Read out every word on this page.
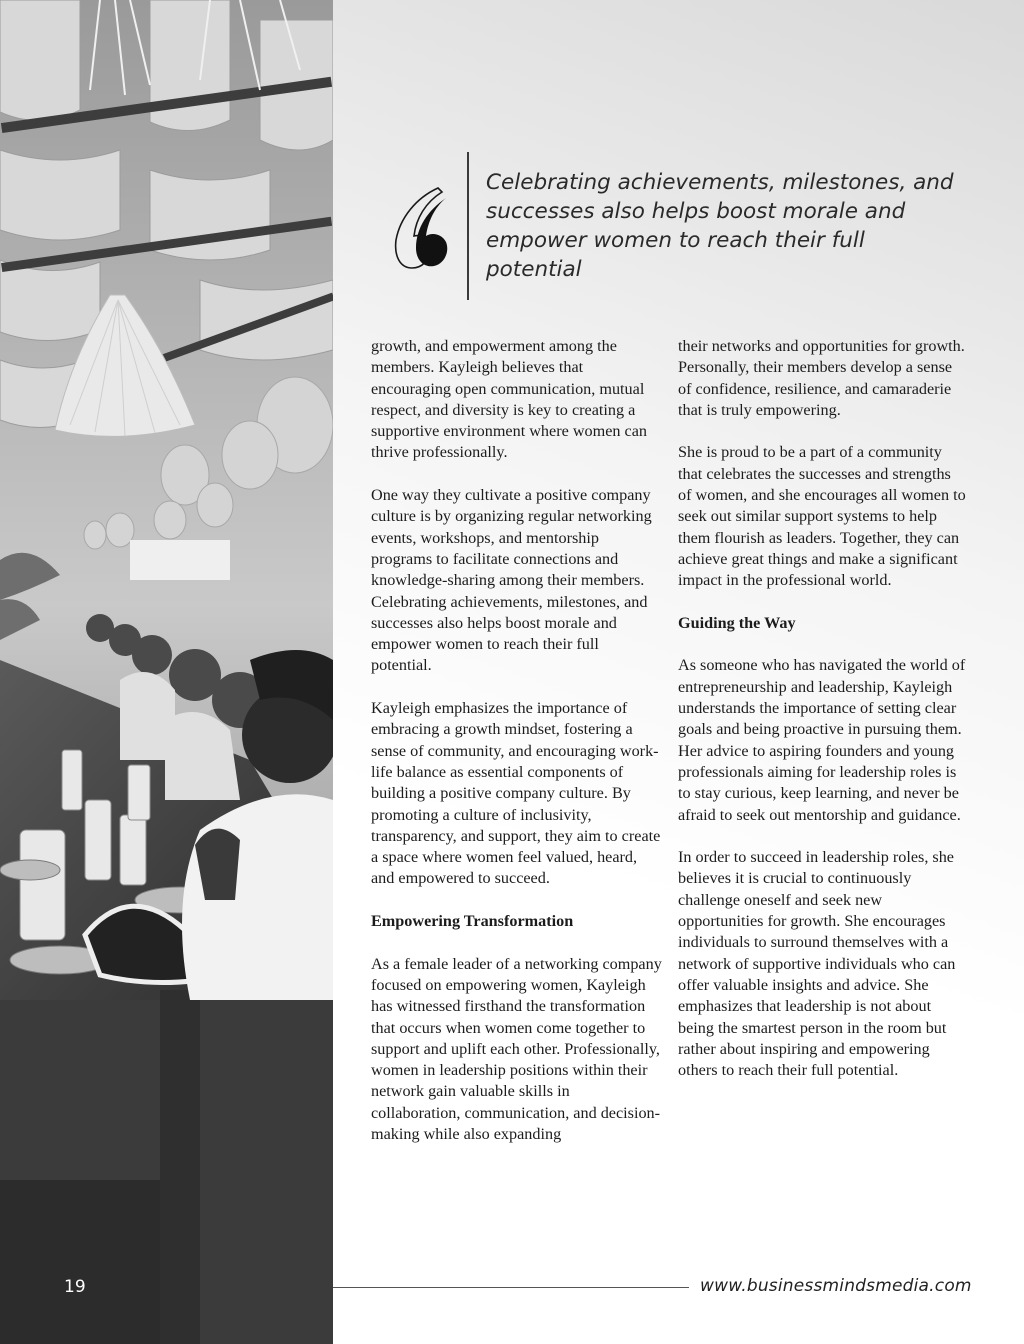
Celebrating achievements, milestones, and successes also helps boost morale and empower women to reach their full potential

growth, and empowerment among the members. Kayleigh believes that encouraging open communication, mutual respect, and diversity is key to creating a supportive environment where women can thrive professionally.

One way they cultivate a positive company culture is by organizing regular networking events, workshops, and mentorship programs to facilitate connections and knowledge-sharing among their members. Celebrating achievements, milestones, and successes also helps boost morale and empower women to reach their full potential.

Kayleigh emphasizes the importance of embracing a growth mindset, fostering a sense of community, and encouraging work-life balance as essential components of building a positive company culture. By promoting a culture of inclusivity, transparency, and support, they aim to create a space where women feel valued, heard, and empowered to succeed.

Empowering Transformation

As a female leader of a networking company focused on empowering women, Kayleigh has witnessed firsthand the transformation that occurs when women come together to support and uplift each other. Professionally, women in leadership positions within their network gain valuable skills in collaboration, communication, and decision-making while also expanding

their networks and opportunities for growth. Personally, their members develop a sense of confidence, resilience, and camaraderie that is truly empowering.

She is proud to be a part of a community that celebrates the successes and strengths of women, and she encourages all women to seek out similar support systems to help them flourish as leaders. Together, they can achieve great things and make a significant impact in the professional world.

Guiding the Way

As someone who has navigated the world of entrepreneurship and leadership, Kayleigh understands the importance of setting clear goals and being proactive in pursuing them. Her advice to aspiring founders and young professionals aiming for leadership roles is to stay curious, keep learning, and never be afraid to seek out mentorship and guidance.

In order to succeed in leadership roles, she believes it is crucial to continuously challenge oneself and seek new opportunities for growth. She encourages individuals to surround themselves with a network of supportive individuals who can offer valuable insights and advice. She emphasizes that leadership is not about being the smartest person in the room but rather about inspiring and empowering others to reach their full potential.

19	www.businessmindsmedia.com
